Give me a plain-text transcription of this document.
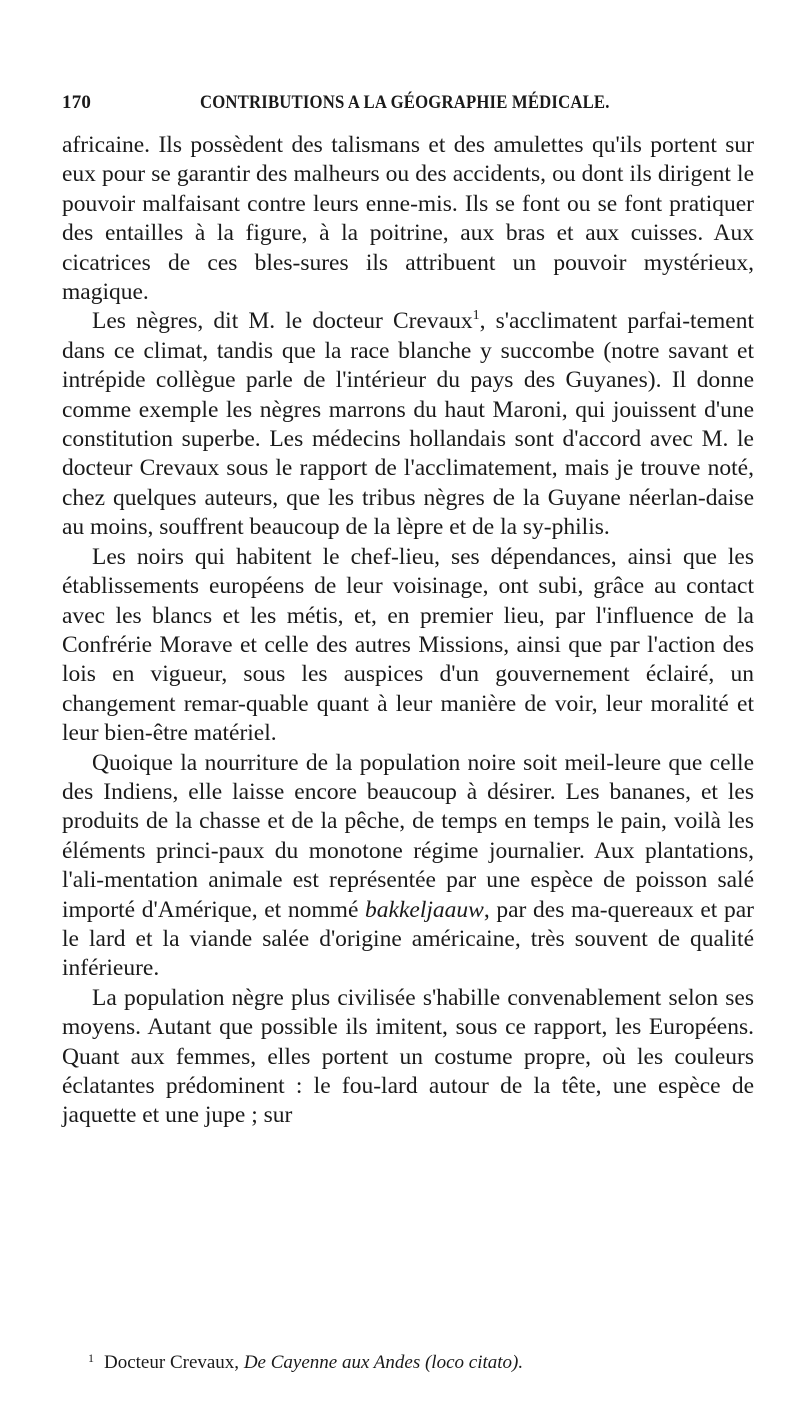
170	CONTRIBUTIONS A LA GÉOGRAPHIE MÉDICALE.

africaine. Ils possèdent des talismans et des amulettes qu'ils portent sur eux pour se garantir des malheurs ou des accidents, ou dont ils dirigent le pouvoir malfaisant contre leurs enne-mis. Ils se font ou se font pratiquer des entailles à la figure, à la poitrine, aux bras et aux cuisses. Aux cicatrices de ces bles-sures ils attribuent un pouvoir mystérieux, magique.

Les nègres, dit M. le docteur Crevaux$^1$, s'acclimatent parfai-tement dans ce climat, tandis que la race blanche y succombe (notre savant et intrépide collègue parle de l'intérieur du pays des Guyanes). Il donne comme exemple les nègres marrons du haut Maroni, qui jouissent d'une constitution superbe. Les médecins hollandais sont d'accord avec M. le docteur Crevaux sous le rapport de l'acclimatement, mais je trouve noté, chez quelques auteurs, que les tribus nègres de la Guyane néerlan-daise au moins, souffrent beaucoup de la lèpre et de la sy-philis.

Les noirs qui habitent le chef-lieu, ses dépendances, ainsi que les établissements européens de leur voisinage, ont subi, grâce au contact avec les blancs et les métis, et, en premier lieu, par l'influence de la Confrérie Morave et celle des autres Missions, ainsi que par l'action des lois en vigueur, sous les auspices d'un gouvernement éclairé, un changement remar-quable quant à leur manière de voir, leur moralité et leur bien-être matériel.

Quoique la nourriture de la population noire soit meil-leure que celle des Indiens, elle laisse encore beaucoup à désirer. Les bananes, et les produits de la chasse et de la pêche, de temps en temps le pain, voilà les éléments princi-paux du monotone régime journalier. Aux plantations, l'ali-mentation animale est représentée par une espèce de poisson salé importé d'Amérique, et nommé bakkeljaauw, par des ma-quereaux et par le lard et la viande salée d'origine américaine, très souvent de qualité inférieure.

La population nègre plus civilisée s'habille convenablement selon ses moyens. Autant que possible ils imitent, sous ce rapport, les Européens. Quant aux femmes, elles portent un costume propre, où les couleurs éclatantes prédominent : le fou-lard autour de la tête, une espèce de jaquette et une jupe ; sur

$^1$ Docteur Crevaux, De Cayenne aux Andes (loco citato).
